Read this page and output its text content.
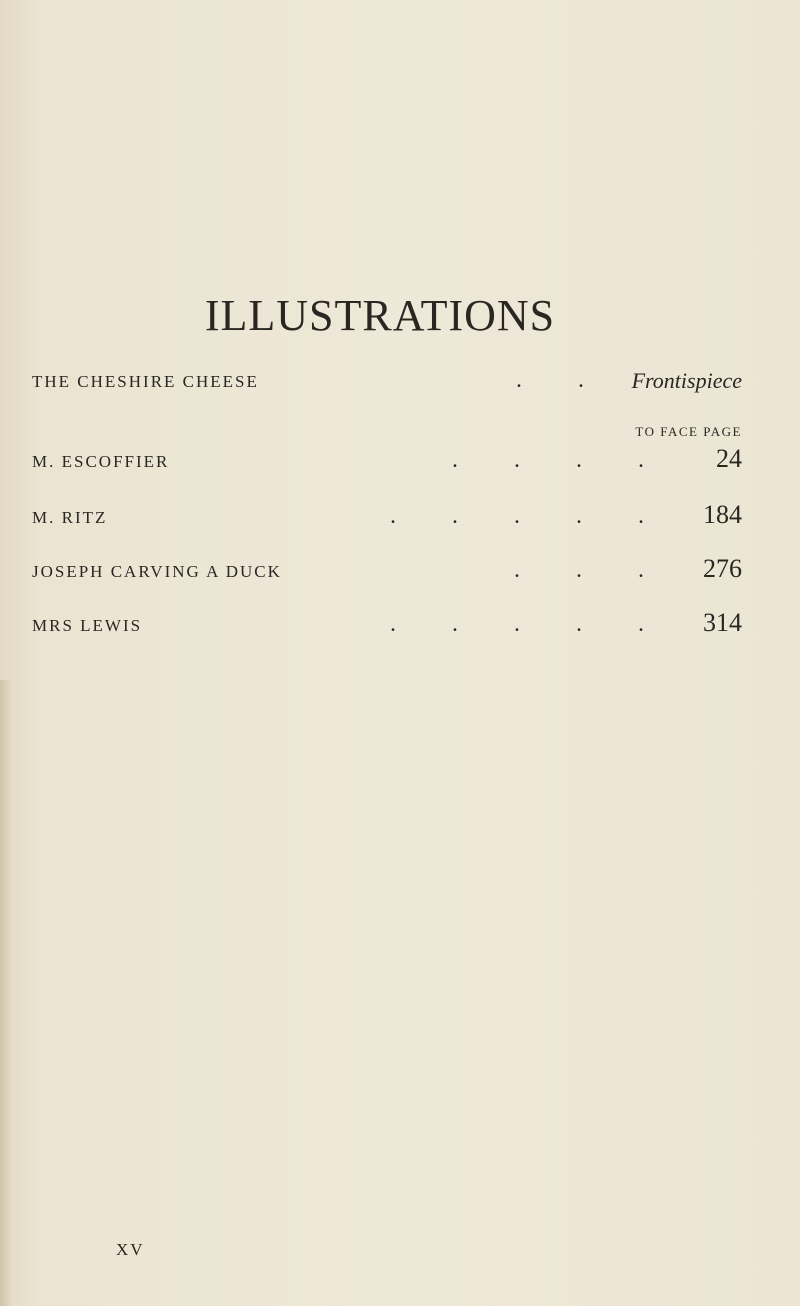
ILLUSTRATIONS
THE CHESHIRE CHEESE	.	.	Frontispiece
TO FACE PAGE
M. ESCOFFIER	.	.	.	.	24
M. RITZ	.	.	.	.	.	184
JOSEPH CARVING A DUCK	.	.	.	276
MRS LEWIS	.	.	.	.	.	314
XV
